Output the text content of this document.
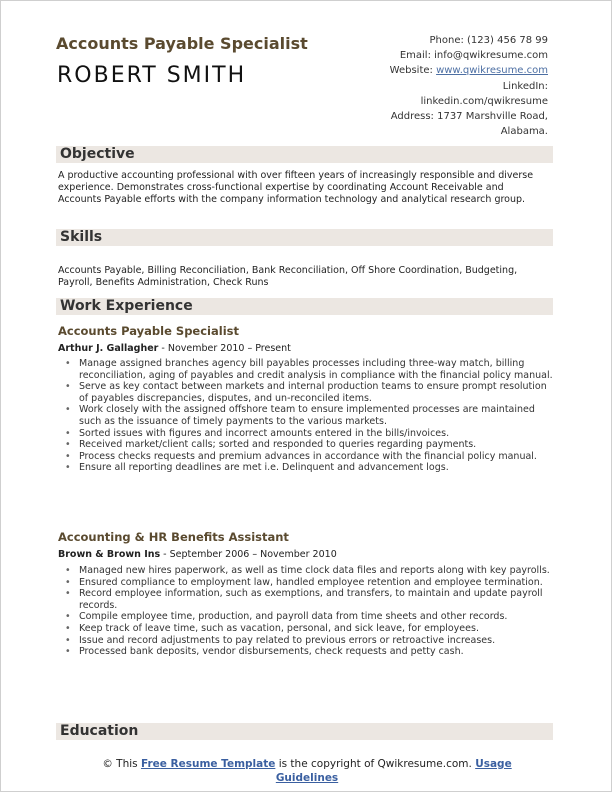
Accounts Payable Specialist
ROBERT SMITH
Phone: (123) 456 78 99
Email: info@qwikresume.com
Website: www.qwikresume.com
LinkedIn:
linkedin.com/qwikresume
Address: 1737 Marshville Road,
Alabama.
Objective
A productive accounting professional with over fifteen years of increasingly responsible and diverse experience. Demonstrates cross-functional expertise by coordinating Account Receivable and Accounts Payable efforts with the company information technology and analytical research group.
Skills
Accounts Payable, Billing Reconciliation, Bank Reconciliation, Off Shore Coordination, Budgeting, Payroll, Benefits Administration, Check Runs
Work Experience
Accounts Payable Specialist
Arthur J. Gallagher - November 2010 – Present
• Manage assigned branches agency bill payables processes including three-way match, billing reconciliation, aging of payables and credit analysis in compliance with the financial policy manual.
• Serve as key contact between markets and internal production teams to ensure prompt resolution of payables discrepancies, disputes, and un-reconciled items.
• Work closely with the assigned offshore team to ensure implemented processes are maintained such as the issuance of timely payments to the various markets.
• Sorted issues with figures and incorrect amounts entered in the bills/invoices.
• Received market/client calls; sorted and responded to queries regarding payments.
• Process checks requests and premium advances in accordance with the financial policy manual.
• Ensure all reporting deadlines are met i.e. Delinquent and advancement logs.
Accounting & HR Benefits Assistant
Brown & Brown Ins - September 2006 – November 2010
• Managed new hires paperwork, as well as time clock data files and reports along with key payrolls.
• Ensured compliance to employment law, handled employee retention and employee termination.
• Record employee information, such as exemptions, and transfers, to maintain and update payroll records.
• Compile employee time, production, and payroll data from time sheets and other records.
• Keep track of leave time, such as vacation, personal, and sick leave, for employees.
• Issue and record adjustments to pay related to previous errors or retroactive increases.
• Processed bank deposits, vendor disbursements, check requests and petty cash.
Education
© This Free Resume Template is the copyright of Qwikresume.com. Usage
Guidelines
